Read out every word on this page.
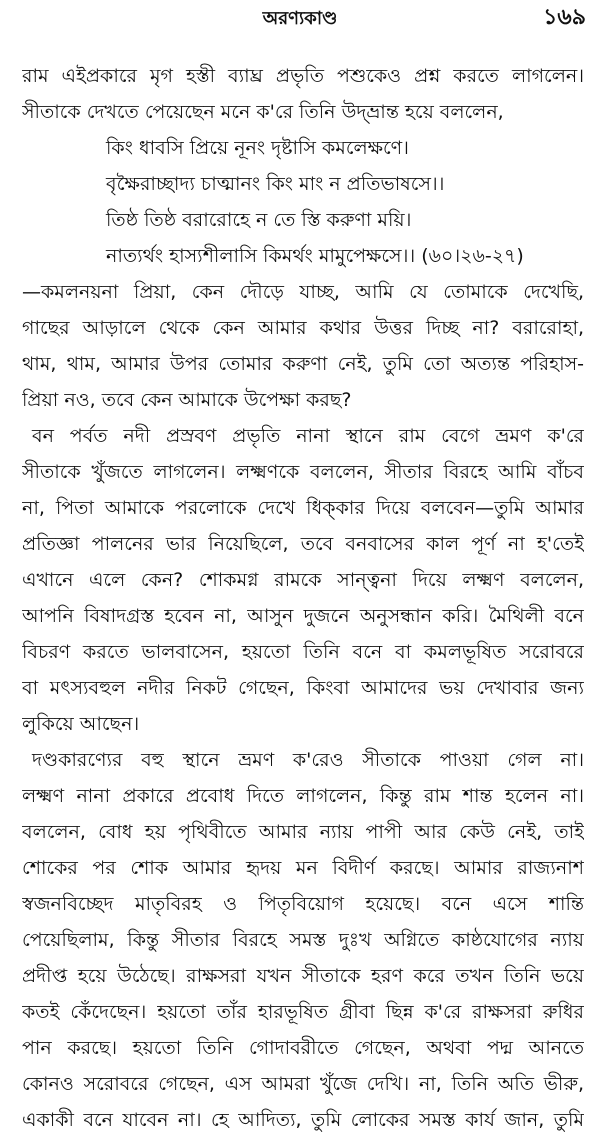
অরণ্যকাণ্ড	১৬৯
রাম এইপ্রকারে মৃগ হস্তী ব্যাঘ্র প্রভৃতি পশুকেও প্রশ্ন করতে লাগলেন।
সীতাকে দেখতে পেয়েছেন মনে ক'রে তিনি উদ্‌ভ্রান্ত হয়ে বললেন,
কিং ধাবসি প্রিয়ে নূনং দৃষ্টাসি কমলেক্ষণে।
বৃক্ষৈরাচ্ছাদ্য চাত্মানং কিং মাং ন প্রতিভাষসে।।
তিষ্ঠ তিষ্ঠ বরারোহে ন তে স্তি করুণা ময়ি।
নাত্যর্থং হাস্যশীলাসি কিমর্থং মামুপেক্ষসে।। (৬০।২৬-২৭)
—কমলনয়না প্রিয়া, কেন দৌড়ে যাচ্ছ, আমি যে তোমাকে দেখেছি,
গাছের আড়ালে থেকে কেন আমার কথার উত্তর দিচ্ছ না? বরারোহা,
থাম, থাম, আমার উপর তোমার করুণা নেই, তুমি তো অত্যন্ত পরিহাস-
প্রিয়া নও, তবে কেন আমাকে উপেক্ষা করছ?
বন পর্বত নদী প্রস্রবণ প্রভৃতি নানা স্থানে রাম বেগে ভ্রমণ ক'রে
সীতাকে খুঁজতে লাগলেন। লক্ষ্মণকে বললেন, সীতার বিরহে আমি বাঁচব
না, পিতা আমাকে পরলোকে দেখে ধিক্‌কার দিয়ে বলবেন—তুমি আমার
প্রতিজ্ঞা পালনের ভার নিয়েছিলে, তবে বনবাসের কাল পূর্ণ না হ'তেই
এখানে এলে কেন? শোকমগ্ন রামকে সান্ত্বনা দিয়ে লক্ষ্মণ বললেন,
আপনি বিষাদগ্রস্ত হবেন না, আসুন দুজনে অনুসন্ধান করি। মৈথিলী বনে
বিচরণ করতে ভালবাসেন, হয়তো তিনি বনে বা কমলভূষিত সরোবরে
বা মৎস্যবহুল নদীর নিকট গেছেন, কিংবা আমাদের ভয় দেখাবার জন্য
লুকিয়ে আছেন।
দণ্ডকারণ্যের বহু স্থানে ভ্রমণ ক'রেও সীতাকে পাওয়া গেল না।
লক্ষ্মণ নানা প্রকারে প্রবোধ দিতে লাগলেন, কিন্তু রাম শান্ত হলেন না।
বললেন, বোধ হয় পৃথিবীতে আমার ন্যায় পাপী আর কেউ নেই, তাই
শোকের পর শোক আমার হৃদয় মন বিদীর্ণ করছে। আমার রাজ্যনাশ
স্বজনবিচ্ছেদ মাতৃবিরহ ও পিতৃবিয়োগ হয়েছে। বনে এসে শান্তি
পেয়েছিলাম, কিন্তু সীতার বিরহে সমস্ত দুঃখ অগ্নিতে কাষ্ঠযোগের ন্যায়
প্রদীপ্ত হয়ে উঠেছে। রাক্ষসরা যখন সীতাকে হরণ করে তখন তিনি ভয়ে
কতই কেঁদেছেন। হয়তো তাঁর হারভূষিত গ্রীবা ছিন্ন ক'রে রাক্ষসরা রুধির
পান করছে। হয়তো তিনি গোদাবরীতে গেছেন, অথবা পদ্ম আনতে
কোনও সরোবরে গেছেন, এস আমরা খুঁজে দেখি। না, তিনি অতি ভীরু,
একাকী বনে যাবেন না। হে আদিত্য, তুমি লোকের সমস্ত কার্য জান, তুমি
